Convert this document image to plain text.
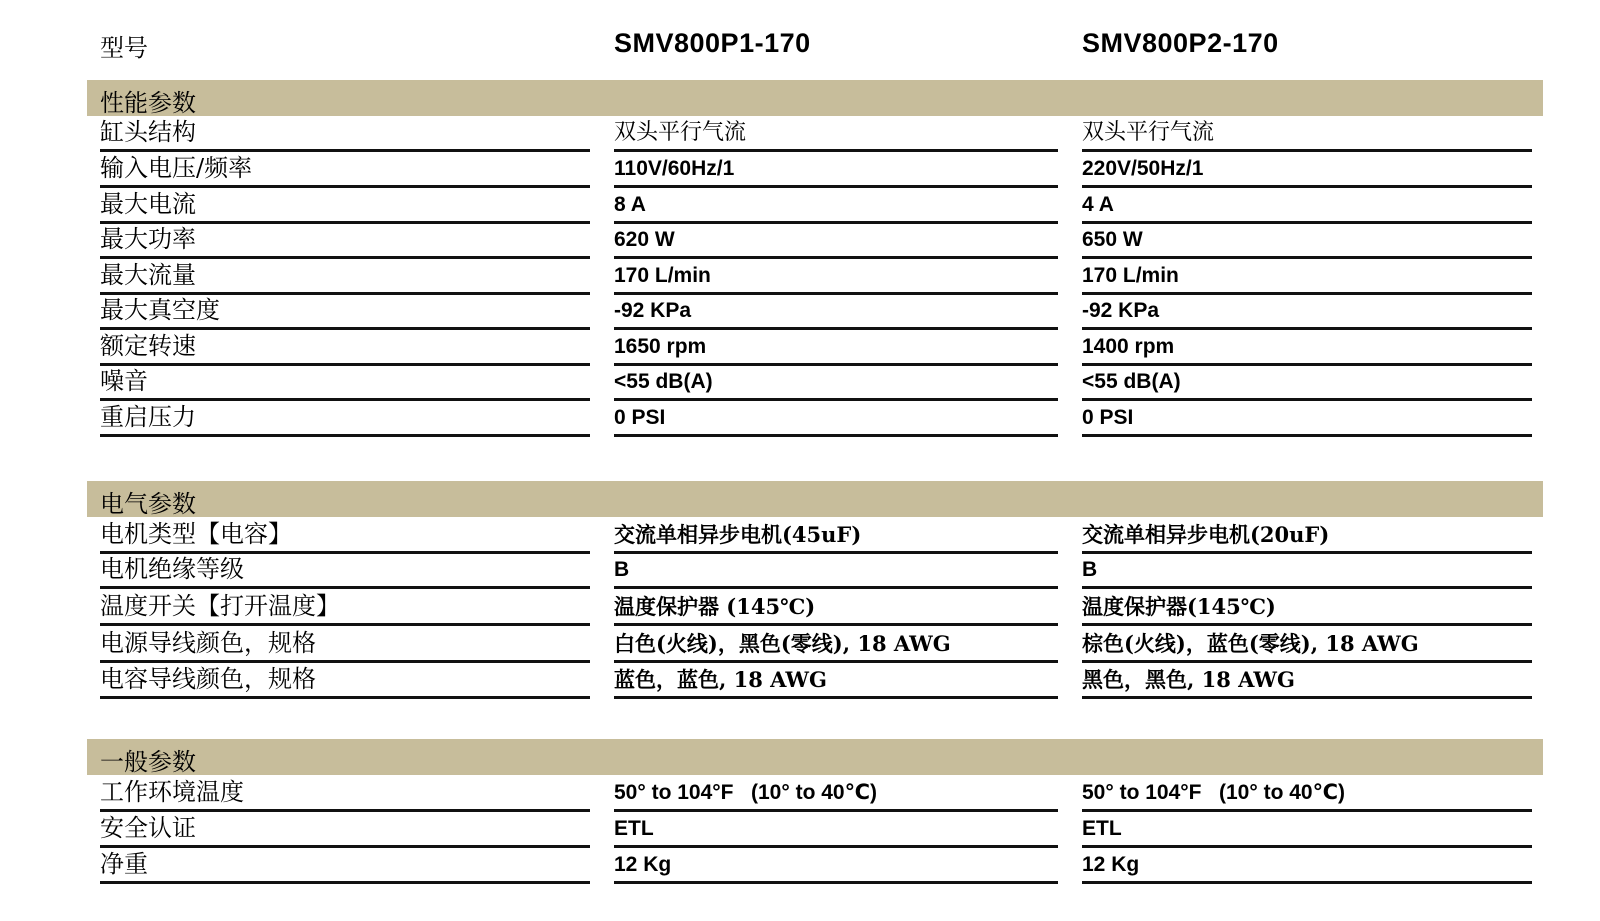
型号	SMV800P1-170	SMV800P2-170
性能参数
缸头结构	双头平行气流	双头平行气流
输入电压/频率	110V/60Hz/1	220V/50Hz/1
最大电流	8 A	4 A
最大功率	620 W	650 W
最大流量	170 L/min	170 L/min
最大真空度	-92 KPa	-92 KPa
额定转速	1650 rpm	1400 rpm
噪音	<55 dB(A)	<55 dB(A)
重启压力	0 PSI	0 PSI
电气参数
电机类型【电容】	交流单相异步电机(45uF)	交流单相异步电机(20uF)
电机绝缘等级	B	B
温度开关【打开温度】	温度保护器 (145℃)	温度保护器(145℃)
电源导线颜色，规格	白色(火线)，黑色(零线), 18 AWG	棕色(火线)，蓝色(零线), 18 AWG
电容导线颜色，规格	蓝色，蓝色, 18 AWG	黑色，黑色, 18 AWG
一般参数
工作环境温度	50° to 104°F   (10° to 40℃)	50° to 104°F   (10° to 40℃)
安全认证	ETL	ETL
净重	12 Kg	12 Kg
